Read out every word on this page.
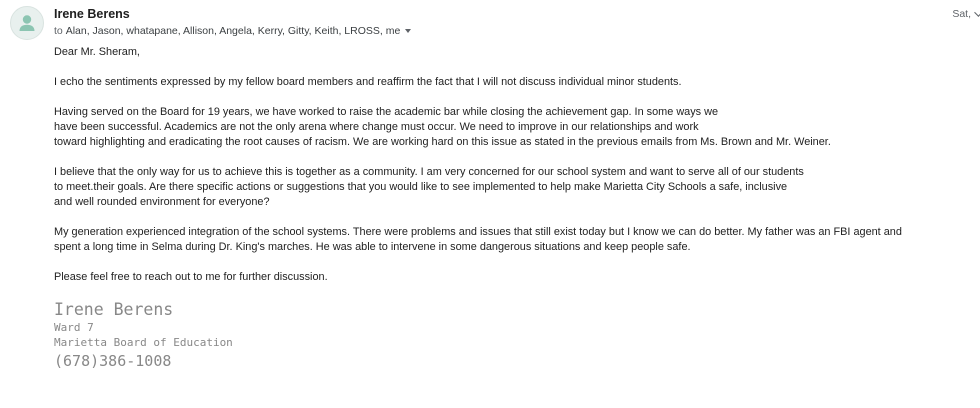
Irene Berens
to
Alan, Jason, whatapane, Allison, Angela, Kerry, Gitty, Keith, LROSS, me
Sat,

Dear Mr. Sheram,

I echo the sentiments expressed by my fellow board members and reaffirm the fact that I will not discuss individual minor students.

Having served on the Board for 19 years, we have worked to raise the academic bar while closing the achievement gap. In some ways we
have been successful. Academics are not the only arena where change must occur. We need to improve in our relationships and work
toward highlighting and eradicating the root causes of racism. We are working hard on this issue as stated in the previous emails from Ms. Brown and Mr. Weiner.

I believe that the only way for us to achieve this is together as a community. I am very concerned for our school system and want to serve all of our students
to meet.their goals. Are there specific actions or suggestions that you would like to see implemented to help make Marietta City Schools a safe, inclusive
and well rounded environment for everyone?

My generation experienced integration of the school systems. There were problems and issues that still exist today but I know we can do better. My father was an FBI agent and
spent a long time in Selma during Dr. King's marches. He was able to intervene in some dangerous situations and keep people safe.

Please feel free to reach out to me for further discussion.

Irene Berens
Ward 7
Marietta Board of Education
(678)386-1008
